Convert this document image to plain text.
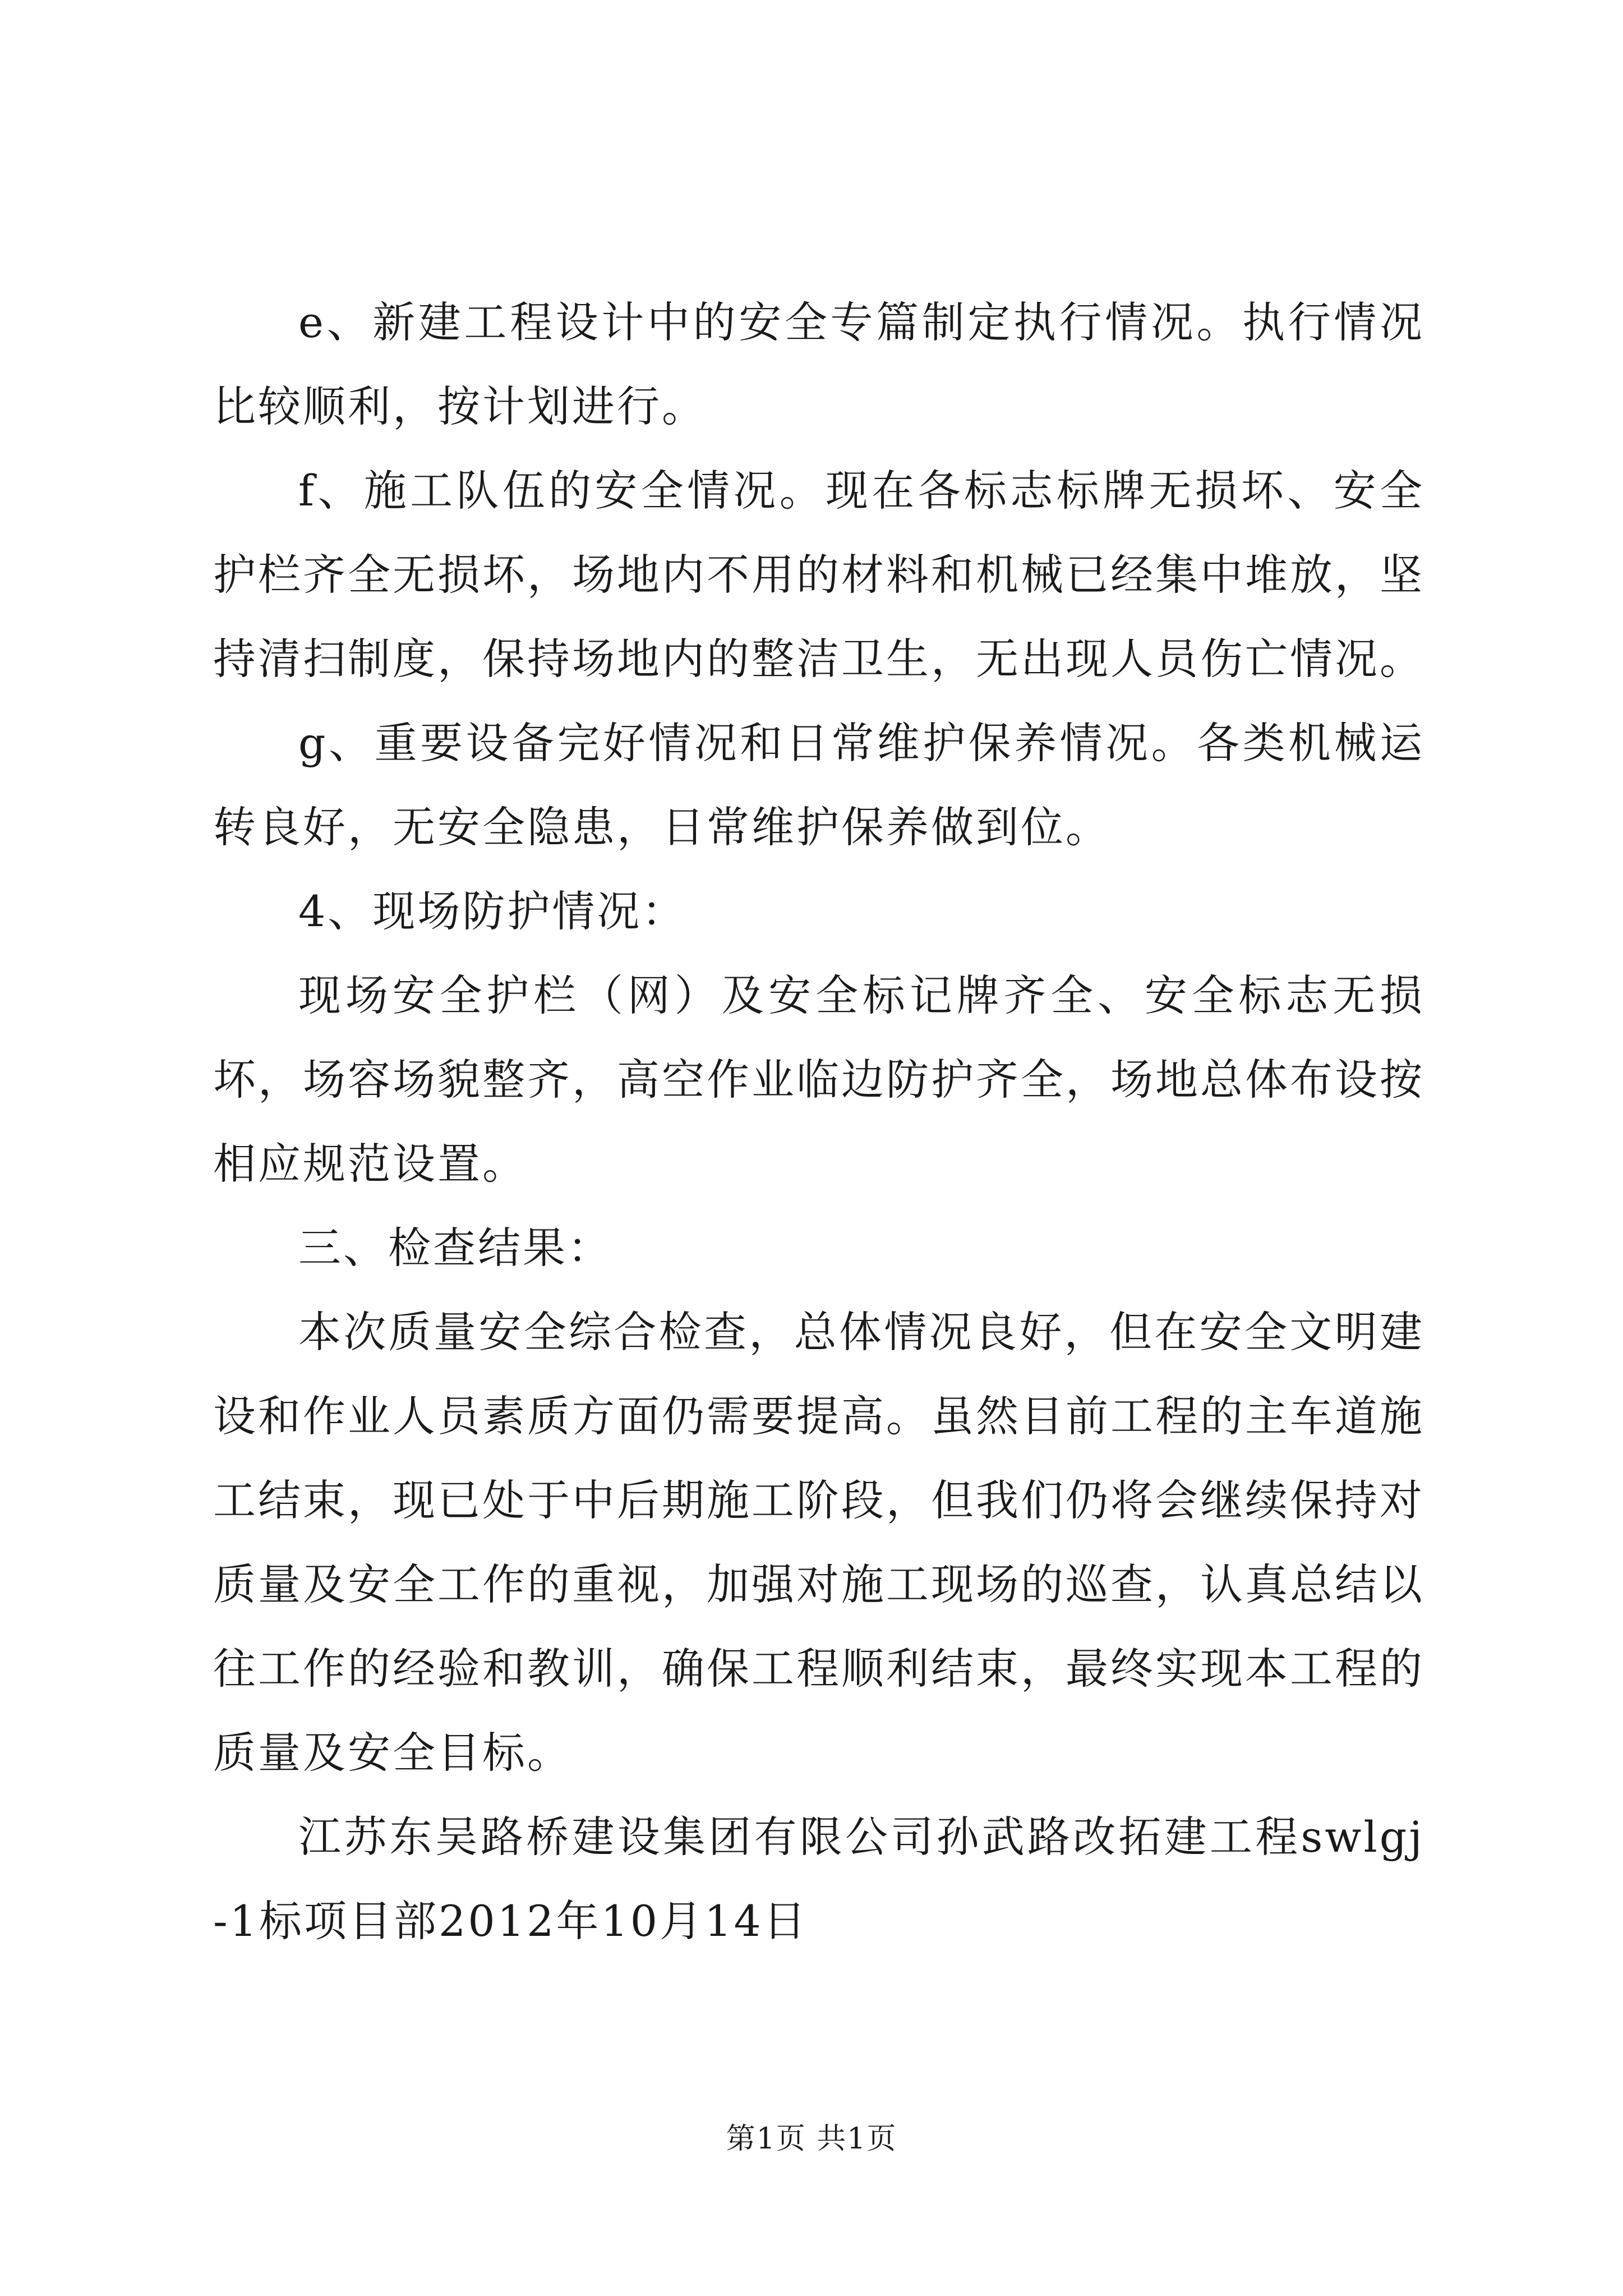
e、新建工程设计中的安全专篇制定执行情况。执行情况比较顺利，按计划进行。

f、施工队伍的安全情况。现在各标志标牌无损坏、安全护栏齐全无损坏，场地内不用的材料和机械已经集中堆放，坚持清扫制度，保持场地内的整洁卫生，无出现人员伤亡情况。

g、重要设备完好情况和日常维护保养情况。各类机械运转良好，无安全隐患，日常维护保养做到位。

4、现场防护情况：

现场安全护栏（网）及安全标记牌齐全、安全标志无损坏，场容场貌整齐，高空作业临边防护齐全，场地总体布设按相应规范设置。

三、检查结果：

本次质量安全综合检查，总体情况良好，但在安全文明建设和作业人员素质方面仍需要提高。虽然目前工程的主车道施工结束，现已处于中后期施工阶段，但我们仍将会继续保持对质量及安全工作的重视，加强对施工现场的巡查，认真总结以往工作的经验和教训，确保工程顺利结束，最终实现本工程的质量及安全目标。

江苏东吴路桥建设集团有限公司孙武路改拓建工程swlgj-1标项目部2012年10月14日

第1页 共1页
